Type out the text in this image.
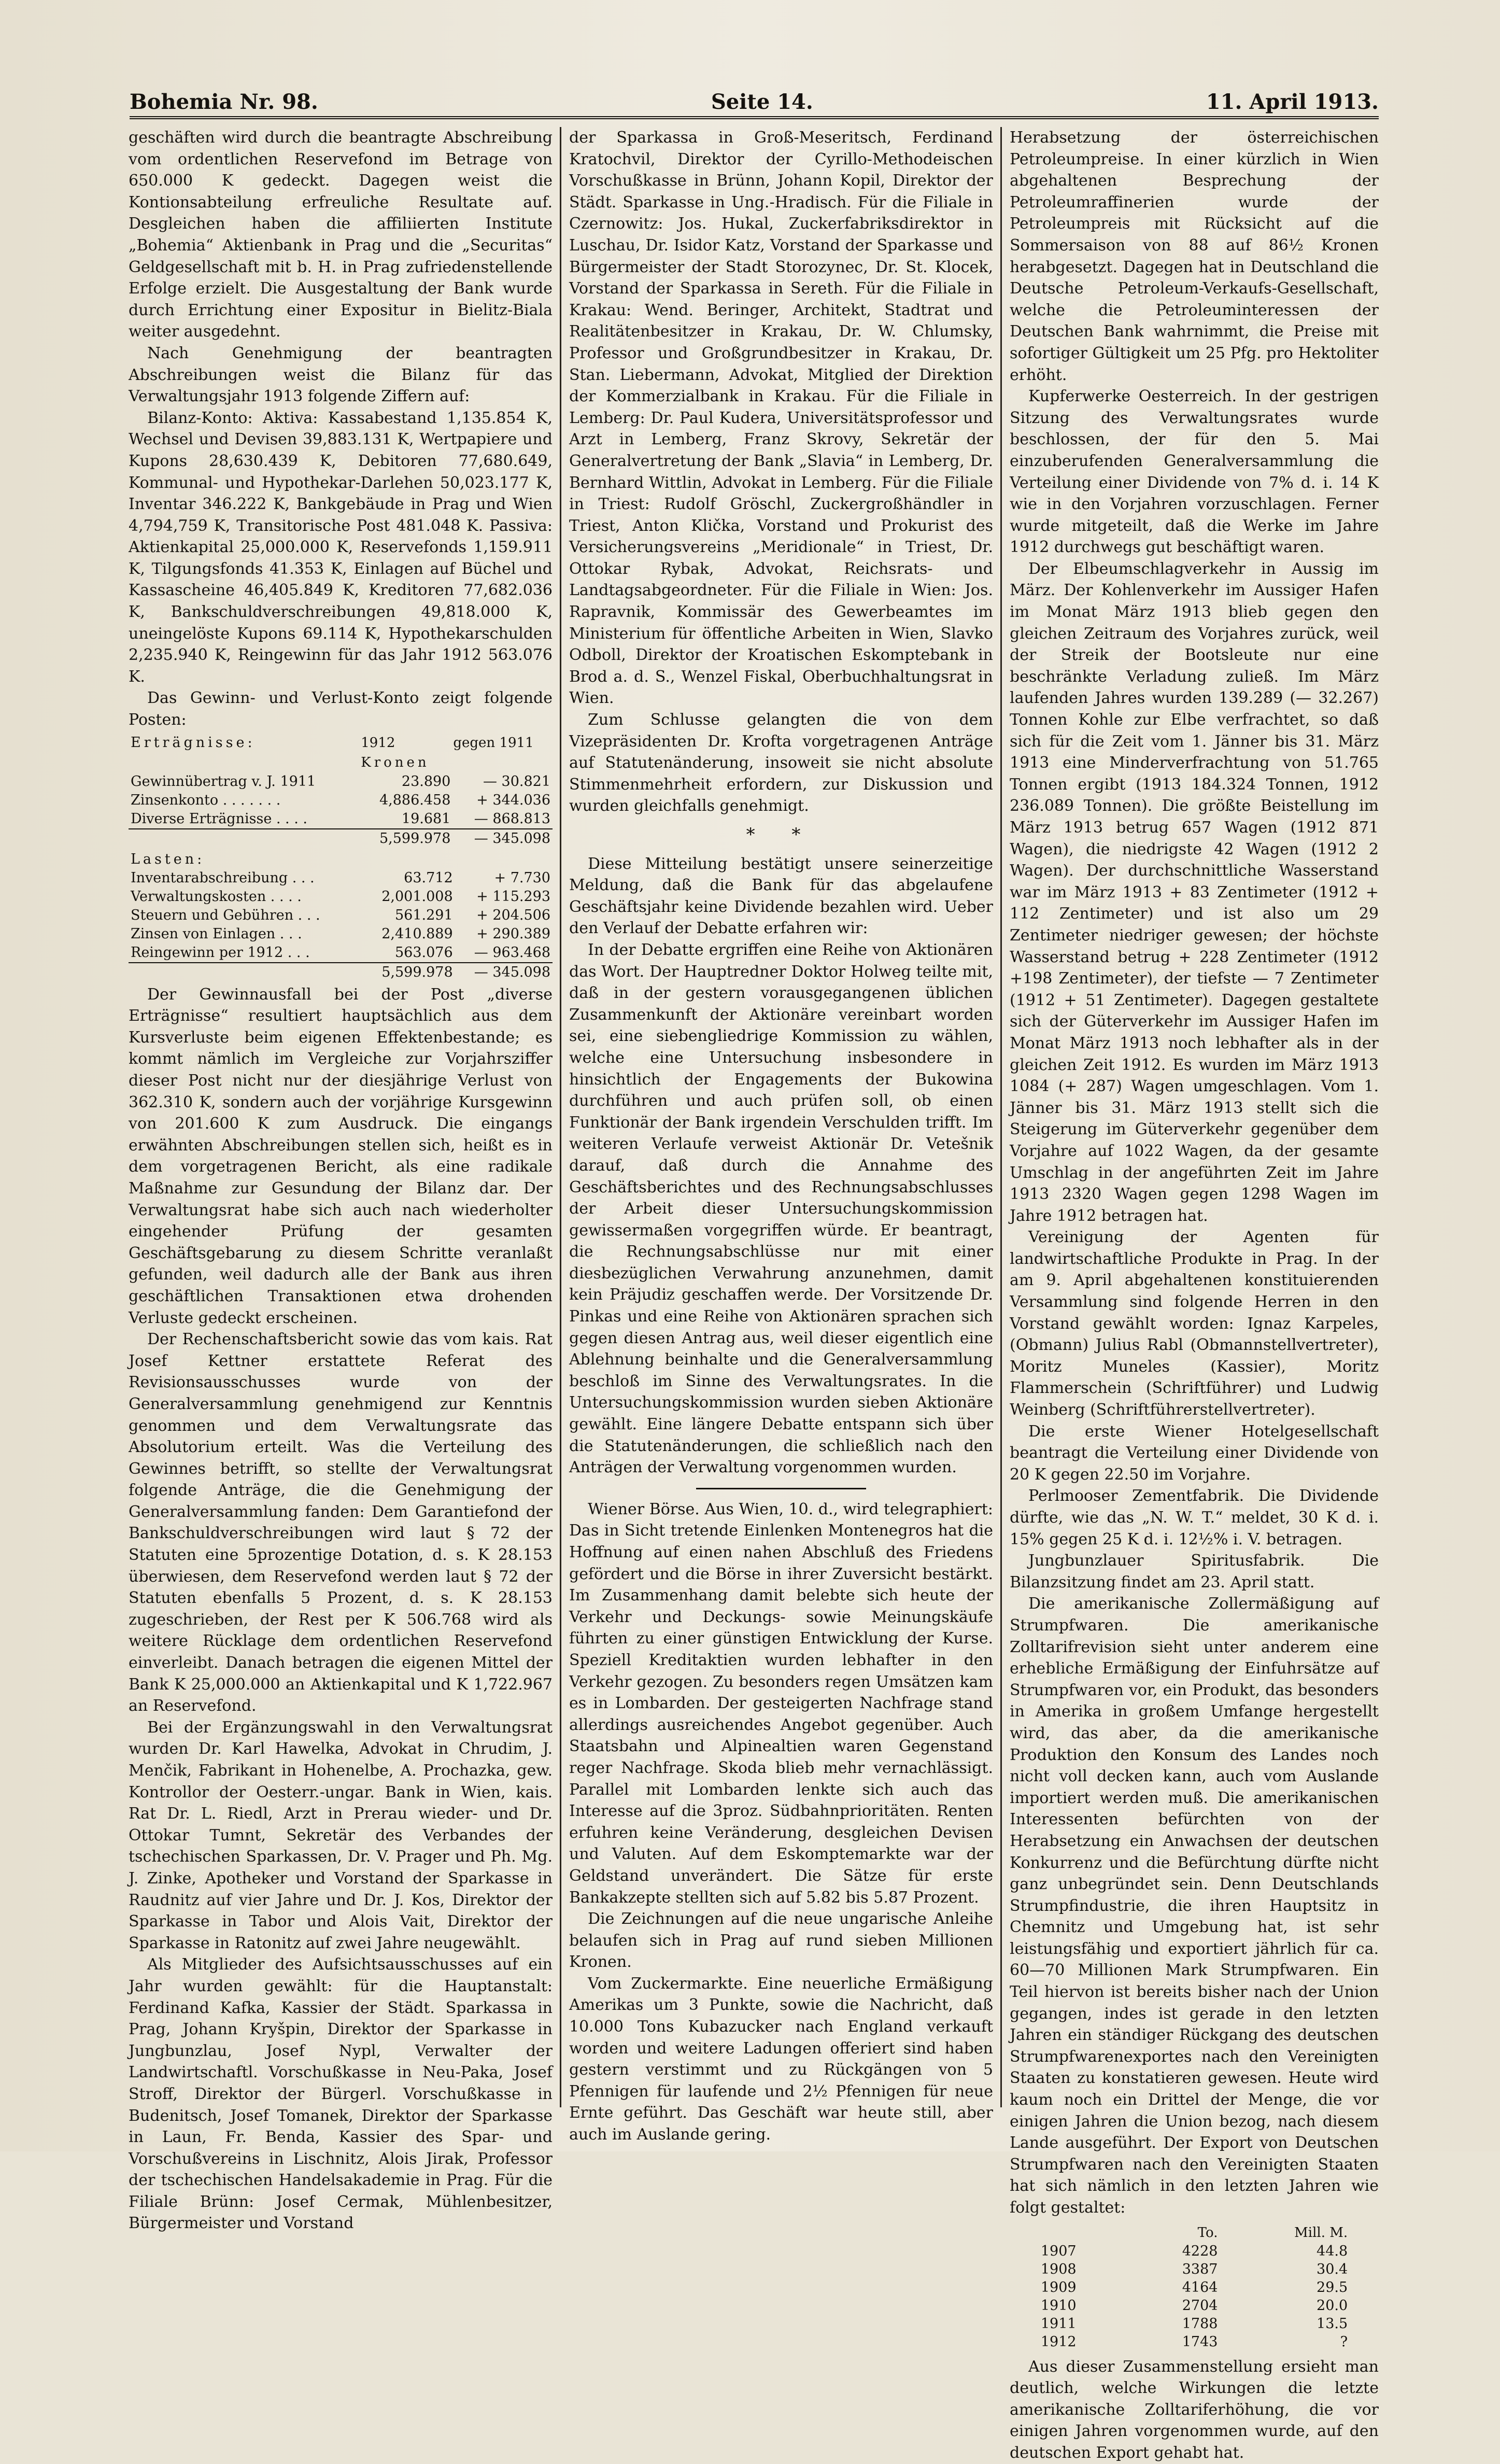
Bohemia Nr. 98.	Seite 14.	11. April 1913.

geschäften wird durch die beantragte Abschreibung vom ordentlichen Reservefond im Betrage von 650.000 K gedeckt. Dagegen weist die Kontionsabteilung erfreuliche Resultate auf. Desgleichen haben die affiliierten Institute „Bohemia“ Aktienbank in Prag und die „Securitas“ Geldgesellschaft mit b. H. in Prag zufriedenstellende Erfolge erzielt. Die Ausgestaltung der Bank wurde durch Errichtung einer Expositur in Bielitz-Biala weiter ausgedehnt.

Nach Genehmigung der beantragten Abschreibungen weist die Bilanz für das Verwaltungsjahr 1913 folgende Ziffern auf:

Bilanz-Konto: Aktiva: Kassabestand 1,135.854 K, Wechsel und Devisen 39,883.131 K, Wertpapiere und Kupons 28,630.439 K, Debitoren 77,680.649, Kommunal- und Hypothekar-Darlehen 50,023.177 K, Inventar 346.222 K, Bankgebäude in Prag und Wien 4,794,759 K, Transitorische Post 481.048 K. Passiva: Aktienkapital 25,000.000 K, Reservefonds 1,159.911 K, Tilgungsfonds 41.353 K, Einlagen auf Büchel und Kassascheine 46,405.849 K, Kreditoren 77,682.036 K, Bankschuldverschreibungen 49,818.000 K, uneingelöste Kupons 69.114 K, Hypothekarschulden 2,235.940 K, Reingewinn für das Jahr 1912 563.076 K.

Das Gewinn- und Verlust-Konto zeigt folgende Posten:

Erträgnisse:	1912	gegen 1911
	Kronen	
Gewinnübertrag v. J. 1911	23.890	— 30.821
Zinsenkonto . . . . . . .	4,886.458	+ 344.036
Diverse Erträgnisse . . . .	19.681	— 868.813
	5,599.978	— 345.098
Lasten:		
Inventarabschreibung . . .	63.712	+ 7.730
Verwaltungskosten . . . .	2,001.008	+ 115.293
Steuern und Gebühren . . .	561.291	+ 204.506
Zinsen von Einlagen . . .	2,410.889	+ 290.389
Reingewinn per 1912 . . .	563.076	— 963.468
	5,599.978	— 345.098

Der Gewinnausfall bei der Post „diverse Erträgnisse“ resultiert hauptsächlich aus dem Kursverluste beim eigenen Effektenbestande; es kommt nämlich im Vergleiche zur Vorjahrsziffer dieser Post nicht nur der diesjährige Verlust von 362.310 K, sondern auch der vorjährige Kursgewinn von 201.600 K zum Ausdruck. Die eingangs erwähnten Abschreibungen stellen sich, heißt es in dem vorgetragenen Bericht, als eine radikale Maßnahme zur Gesundung der Bilanz dar. Der Verwaltungsrat habe sich auch nach wiederholter eingehender Prüfung der gesamten Geschäftsgebarung zu diesem Schritte veranlaßt gefunden, weil dadurch alle der Bank aus ihren geschäftlichen Transaktionen etwa drohenden Verluste gedeckt erscheinen.

Der Rechenschaftsbericht sowie das vom kais. Rat Josef Kettner erstattete Referat des Revisionsausschusses wurde von der Generalversammlung genehmigend zur Kenntnis genommen und dem Verwaltungsrate das Absolutorium erteilt. Was die Verteilung des Gewinnes betrifft, so stellte der Verwaltungsrat folgende Anträge, die die Genehmigung der Generalversammlung fanden: Dem Garantiefond der Bankschuldverschreibungen wird laut § 72 der Statuten eine 5prozentige Dotation, d. s. K 28.153 überwiesen, dem Reservefond werden laut § 72 der Statuten ebenfalls 5 Prozent, d. s. K 28.153 zugeschrieben, der Rest per K 506.768 wird als weitere Rücklage dem ordentlichen Reservefond einverleibt. Danach betragen die eigenen Mittel der Bank K 25,000.000 an Aktienkapital und K 1,722.967 an Reservefond.

Bei der Ergänzungswahl in den Verwaltungsrat wurden Dr. Karl Hawelka, Advokat in Chrudim, J. Menčik, Fabrikant in Hohenelbe, A. Prochazka, gew. Kontrollor der Oesterr.-ungar. Bank in Wien, kais. Rat Dr. L. Riedl, Arzt in Prerau wieder- und Dr. Ottokar Tumnt, Sekretär des Verbandes der tschechischen Sparkassen, Dr. V. Prager und Ph. Mg. J. Zinke, Apotheker und Vorstand der Sparkasse in Raudnitz auf vier Jahre und Dr. J. Kos, Direktor der Sparkasse in Tabor und Alois Vait, Direktor der Sparkasse in Ratonitz auf zwei Jahre neugewählt.

Als Mitglieder des Aufsichtsausschusses auf ein Jahr wurden gewählt: für die Hauptanstalt: Ferdinand Kafka, Kassier der Städt. Sparkassa in Prag, Johann Kryšpin, Direktor der Sparkasse in Jungbunzlau, Josef Nypl, Verwalter der Landwirtschaftl. Vorschußkasse in Neu-Paka, Josef Stroff, Direktor der Bürgerl. Vorschußkasse in Budenitsch, Josef Tomanek, Direktor der Sparkasse in Laun, Fr. Benda, Kassier des Spar- und Vorschußvereins in Lischnitz, Alois Jirak, Professor der tschechischen Handelsakademie in Prag. Für die Filiale Brünn: Josef Cermak, Mühlenbesitzer, Bürgermeister und Vorstand

der Sparkassa in Groß-Meseritsch, Ferdinand Kratochvil, Direktor der Cyrillo-Methodeischen Vorschußkasse in Brünn, Johann Kopil, Direktor der Städt. Sparkasse in Ung.-Hradisch. Für die Filiale in Czernowitz: Jos. Hukal, Zuckerfabriksdirektor in Luschau, Dr. Isidor Katz, Vorstand der Sparkasse und Bürgermeister der Stadt Storozynec, Dr. St. Klocek, Vorstand der Sparkassa in Sereth. Für die Filiale in Krakau: Wend. Beringer, Architekt, Stadtrat und Realitätenbesitzer in Krakau, Dr. W. Chlumsky, Professor und Großgrundbesitzer in Krakau, Dr. Stan. Liebermann, Advokat, Mitglied der Direktion der Kommerzialbank in Krakau. Für die Filiale in Lemberg: Dr. Paul Kudera, Universitätsprofessor und Arzt in Lemberg, Franz Skrovy, Sekretär der Generalvertretung der Bank „Slavia“ in Lemberg, Dr. Bernhard Wittlin, Advokat in Lemberg. Für die Filiale in Triest: Rudolf Gröschl, Zuckergroßhändler in Triest, Anton Klička, Vorstand und Prokurist des Versicherungsvereins „Meridionale“ in Triest, Dr. Ottokar Rybak, Advokat, Reichsrats- und Landtagsabgeordneter. Für die Filiale in Wien: Jos. Rapravnik, Kommissär des Gewerbeamtes im Ministerium für öffentliche Arbeiten in Wien, Slavko Odboll, Direktor der Kroatischen Eskomptebank in Brod a. d. S., Wenzel Fiskal, Oberbuchhaltungsrat in Wien.

Zum Schlusse gelangten die von dem Vizepräsidenten Dr. Krofta vorgetragenen Anträge auf Statutenänderung, insoweit sie nicht absolute Stimmenmehrheit erfordern, zur Diskussion und wurden gleichfalls genehmigt.

* *

Diese Mitteilung bestätigt unsere seinerzeitige Meldung, daß die Bank für das abgelaufene Geschäftsjahr keine Dividende bezahlen wird. Ueber den Verlauf der Debatte erfahren wir:

In der Debatte ergriffen eine Reihe von Aktionären das Wort. Der Hauptredner Doktor Holweg teilte mit, daß in der gestern vorausgegangenen üblichen Zusammenkunft der Aktionäre vereinbart worden sei, eine siebengliedrige Kommission zu wählen, welche eine Untersuchung insbesondere in hinsichtlich der Engagements der Bukowina durchführen und auch prüfen soll, ob einen Funktionär der Bank irgendein Verschulden trifft. Im weiteren Verlaufe verweist Aktionär Dr. Vetešnik darauf, daß durch die Annahme des Geschäftsberichtes und des Rechnungsabschlusses der Arbeit dieser Untersuchungskommission gewissermaßen vorgegriffen würde. Er beantragt, die Rechnungsabschlüsse nur mit einer diesbezüglichen Verwahrung anzunehmen, damit kein Präjudiz geschaffen werde. Der Vorsitzende Dr. Pinkas und eine Reihe von Aktionären sprachen sich gegen diesen Antrag aus, weil dieser eigentlich eine Ablehnung beinhalte und die Generalversammlung beschloß im Sinne des Verwaltungsrates. In die Untersuchungskommission wurden sieben Aktionäre gewählt. Eine längere Debatte entspann sich über die Statutenänderungen, die schließlich nach den Anträgen der Verwaltung vorgenommen wurden.

Wiener Börse. Aus Wien, 10. d., wird telegraphiert: Das in Sicht tretende Einlenken Montenegros hat die Hoffnung auf einen nahen Abschluß des Friedens gefördert und die Börse in ihrer Zuversicht bestärkt. Im Zusammenhang damit belebte sich heute der Verkehr und Deckungs- sowie Meinungskäufe führten zu einer günstigen Entwicklung der Kurse. Speziell Kreditaktien wurden lebhafter in den Verkehr gezogen. Zu besonders regen Umsätzen kam es in Lombarden. Der gesteigerten Nachfrage stand allerdings ausreichendes Angebot gegenüber. Auch Staatsbahn und Alpinealtien waren Gegenstand reger Nachfrage. Skoda blieb mehr vernachlässigt. Parallel mit Lombarden lenkte sich auch das Interesse auf die 3proz. Südbahnprioritäten. Renten erfuhren keine Veränderung, desgleichen Devisen und Valuten. Auf dem Eskomptemarkte war der Geldstand unverändert. Die Sätze für erste Bankakzepte stellten sich auf 5.82 bis 5.87 Prozent.

Die Zeichnungen auf die neue ungarische Anleihe belaufen sich in Prag auf rund sieben Millionen Kronen.

Vom Zuckermarkte. Eine neuerliche Ermäßigung Amerikas um 3 Punkte, sowie die Nachricht, daß 10.000 Tons Kubazucker nach England verkauft worden und weitere Ladungen offeriert sind haben gestern verstimmt und zu Rückgängen von 5 Pfennigen für laufende und 2½ Pfennigen für neue Ernte geführt. Das Geschäft war heute still, aber auch im Auslande gering.

Herabsetzung der österreichischen Petroleumpreise. In einer kürzlich in Wien abgehaltenen Besprechung der Petroleumraffinerien wurde der Petroleumpreis mit Rücksicht auf die Sommersaison von 88 auf 86½ Kronen herabgesetzt. Dagegen hat in Deutschland die Deutsche Petroleum-Verkaufs-Gesellschaft, welche die Petroleuminteressen der Deutschen Bank wahrnimmt, die Preise mit sofortiger Gültigkeit um 25 Pfg. pro Hektoliter erhöht.

Kupferwerke Oesterreich. In der gestrigen Sitzung des Verwaltungsrates wurde beschlossen, der für den 5. Mai einzuberufenden Generalversammlung die Verteilung einer Dividende von 7% d. i. 14 K wie in den Vorjahren vorzuschlagen. Ferner wurde mitgeteilt, daß die Werke im Jahre 1912 durchwegs gut beschäftigt waren.

Der Elbeumschlagverkehr in Aussig im März. Der Kohlenverkehr im Aussiger Hafen im Monat März 1913 blieb gegen den gleichen Zeitraum des Vorjahres zurück, weil der Streik der Bootsleute nur eine beschränkte Verladung zuließ. Im März laufenden Jahres wurden 139.289 (— 32.267) Tonnen Kohle zur Elbe verfrachtet, so daß sich für die Zeit vom 1. Jänner bis 31. März 1913 eine Minderverfrachtung von 51.765 Tonnen ergibt (1913 184.324 Tonnen, 1912 236.089 Tonnen). Die größte Beistellung im März 1913 betrug 657 Wagen (1912 871 Wagen), die niedrigste 42 Wagen (1912 2 Wagen). Der durchschnittliche Wasserstand war im März 1913 + 83 Zentimeter (1912 + 112 Zentimeter) und ist also um 29 Zentimeter niedriger gewesen; der höchste Wasserstand betrug + 228 Zentimeter (1912 +198 Zentimeter), der tiefste — 7 Zentimeter (1912 + 51 Zentimeter). Dagegen gestaltete sich der Güterverkehr im Aussiger Hafen im Monat März 1913 noch lebhafter als in der gleichen Zeit 1912. Es wurden im März 1913 1084 (+ 287) Wagen umgeschlagen. Vom 1. Jänner bis 31. März 1913 stellt sich die Steigerung im Güterverkehr gegenüber dem Vorjahre auf 1022 Wagen, da der gesamte Umschlag in der angeführten Zeit im Jahre 1913 2320 Wagen gegen 1298 Wagen im Jahre 1912 betragen hat.

Vereinigung der Agenten für landwirtschaftliche Produkte in Prag. In der am 9. April abgehaltenen konstituierenden Versammlung sind folgende Herren in den Vorstand gewählt worden: Ignaz Karpeles, (Obmann) Julius Rabl (Obmannstellvertreter), Moritz Muneles (Kassier), Moritz Flammerschein (Schriftführer) und Ludwig Weinberg (Schriftführerstellvertreter).

Die erste Wiener Hotelgesellschaft beantragt die Verteilung einer Dividende von 20 K gegen 22.50 im Vorjahre.

Perlmooser Zementfabrik. Die Dividende dürfte, wie das „N. W. T.“ meldet, 30 K d. i. 15% gegen 25 K d. i. 12½% i. V. betragen.

Jungbunzlauer Spiritusfabrik. Die Bilanzsitzung findet am 23. April statt.

Die amerikanische Zollermäßigung auf Strumpfwaren. Die amerikanische Zolltarifrevision sieht unter anderem eine erhebliche Ermäßigung der Einfuhrsätze auf Strumpfwaren vor, ein Produkt, das besonders in Amerika in großem Umfange hergestellt wird, das aber, da die amerikanische Produktion den Konsum des Landes noch nicht voll decken kann, auch vom Auslande importiert werden muß. Die amerikanischen Interessenten befürchten von der Herabsetzung ein Anwachsen der deutschen Konkurrenz und die Befürchtung dürfte nicht ganz unbegründet sein. Denn Deutschlands Strumpfindustrie, die ihren Hauptsitz in Chemnitz und Umgebung hat, ist sehr leistungsfähig und exportiert jährlich für ca. 60—70 Millionen Mark Strumpfwaren. Ein Teil hiervon ist bereits bisher nach der Union gegangen, indes ist gerade in den letzten Jahren ein ständiger Rückgang des deutschen Strumpfwarenexportes nach den Vereinigten Staaten zu konstatieren gewesen. Heute wird kaum noch ein Drittel der Menge, die vor einigen Jahren die Union bezog, nach diesem Lande ausgeführt. Der Export von Deutschen Strumpfwaren nach den Vereinigten Staaten hat sich nämlich in den letzten Jahren wie folgt gestaltet:

	To.	Mill. M.
1907	4228	44.8
1908	3387	30.4
1909	4164	29.5
1910	2704	20.0
1911	1788	13.5
1912	1743	?

Aus dieser Zusammenstellung ersieht man deutlich, welche Wirkungen die letzte amerikanische Zolltariferhöhung, die vor einigen Jahren vorgenommen wurde, auf den deutschen Export gehabt hat.
